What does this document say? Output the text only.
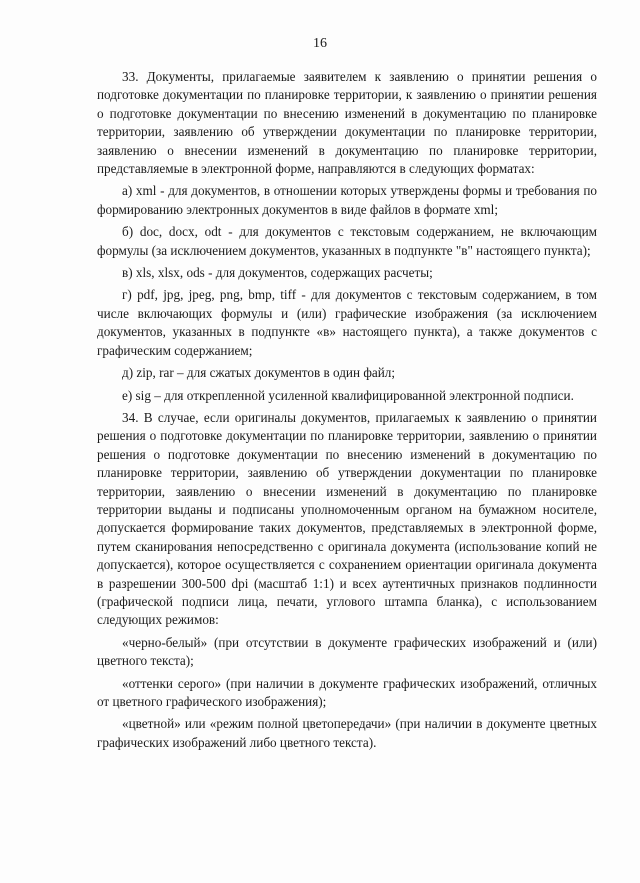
16

33. Документы, прилагаемые заявителем к заявлению о принятии решения о подготовке документации по планировке территории, к заявлению о принятии решения о подготовке документации по внесению изменений в документацию по планировке территории, заявлению об утверждении документации по планировке территории, заявлению о внесении изменений в документацию по планировке территории, представляемые в электронной форме, направляются в следующих форматах:

а) xml - для документов, в отношении которых утверждены формы и требования по формированию электронных документов в виде файлов в формате xml;

б) doc, docx, odt - для документов с текстовым содержанием, не включающим формулы (за исключением документов, указанных в подпункте "в" настоящего пункта);

в) xls, xlsx, ods - для документов, содержащих расчеты;

г) pdf, jpg, jpeg, png, bmp, tiff - для документов с текстовым содержанием, в том числе включающих формулы и (или) графические изображения (за исключением документов, указанных в подпункте «в» настоящего пункта), а также документов с графическим содержанием;

д) zip, rar – для сжатых документов в один файл;

е) sig – для открепленной усиленной квалифицированной электронной подписи.

34. В случае, если оригиналы документов, прилагаемых к заявлению о принятии решения о подготовке документации по планировке территории, заявлению о принятии решения о подготовке документации по внесению изменений в документацию по планировке территории, заявлению об утверждении документации по планировке территории, заявлению о внесении изменений в документацию по планировке территории выданы и подписаны уполномоченным органом на бумажном носителе, допускается формирование таких документов, представляемых в электронной форме, путем сканирования непосредственно с оригинала документа (использование копий не допускается), которое осуществляется с сохранением ориентации оригинала документа в разрешении 300-500 dpi (масштаб 1:1) и всех аутентичных признаков подлинности (графической подписи лица, печати, углового штампа бланка), с использованием следующих режимов:

«черно-белый» (при отсутствии в документе графических изображений и (или) цветного текста);

«оттенки серого» (при наличии в документе графических изображений, отличных от цветного графического изображения);

«цветной» или «режим полной цветопередачи» (при наличии в документе цветных графических изображений либо цветного текста).
